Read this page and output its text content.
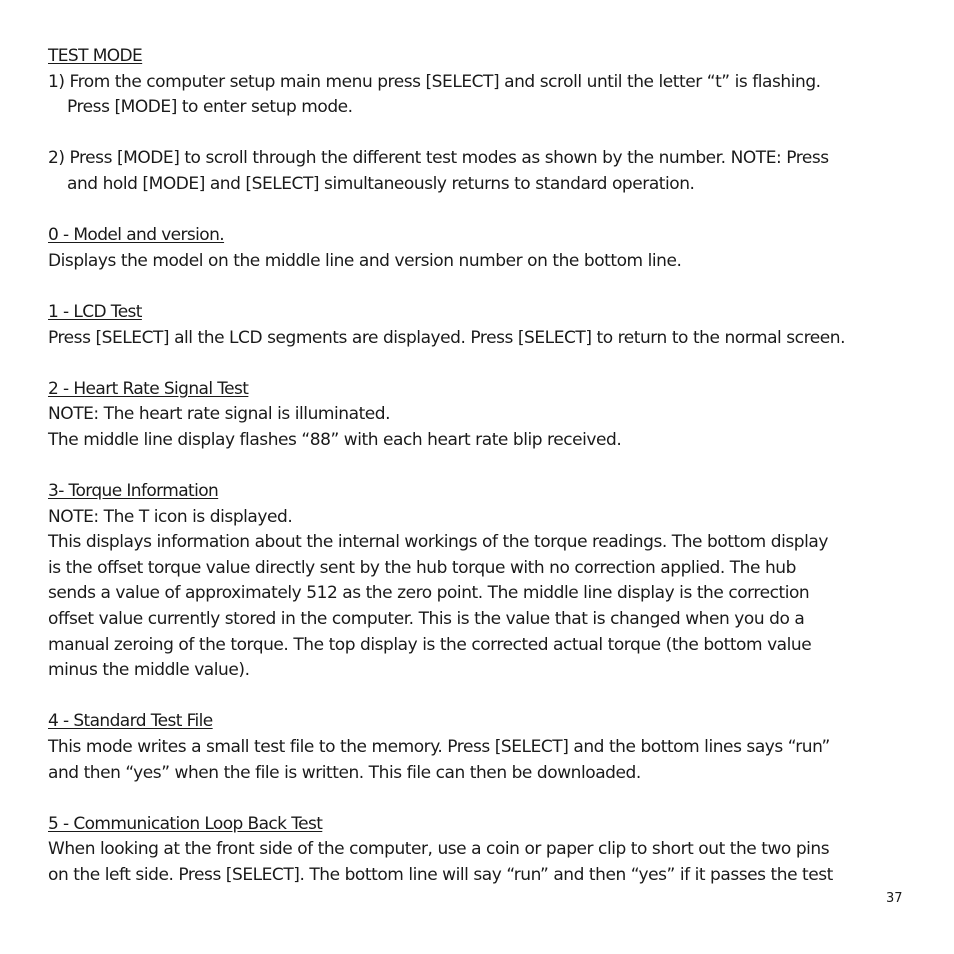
TEST MODE
1) From the computer setup main menu press [SELECT] and scroll until the letter “t” is flashing.
Press [MODE] to enter setup mode.
2) Press [MODE] to scroll through the different test modes as shown by the number. NOTE: Press
and hold [MODE] and [SELECT] simultaneously returns to standard operation.
0 - Model and version.
Displays the model on the middle line and version number on the bottom line.
1 - LCD Test
Press [SELECT] all the LCD segments are displayed. Press [SELECT] to return to the normal screen.
2 - Heart Rate Signal Test
NOTE: The heart rate signal is illuminated.
The middle line display flashes “88” with each heart rate blip received.
3- Torque Information
NOTE: The T icon is displayed.
This displays information about the internal workings of the torque readings. The bottom display
is the offset torque value directly sent by the hub torque with no correction applied. The hub
sends a value of approximately 512 as the zero point. The middle line display is the correction
offset value currently stored in the computer. This is the value that is changed when you do a
manual zeroing of the torque. The top display is the corrected actual torque (the bottom value
minus the middle value).
4 - Standard Test File
This mode writes a small test file to the memory. Press [SELECT] and the bottom lines says “run”
and then “yes” when the file is written. This file can then be downloaded.
5 - Communication Loop Back Test
When looking at the front side of the computer, use a coin or paper clip to short out the two pins
on the left side. Press [SELECT]. The bottom line will say “run” and then “yes” if it passes the test
37
